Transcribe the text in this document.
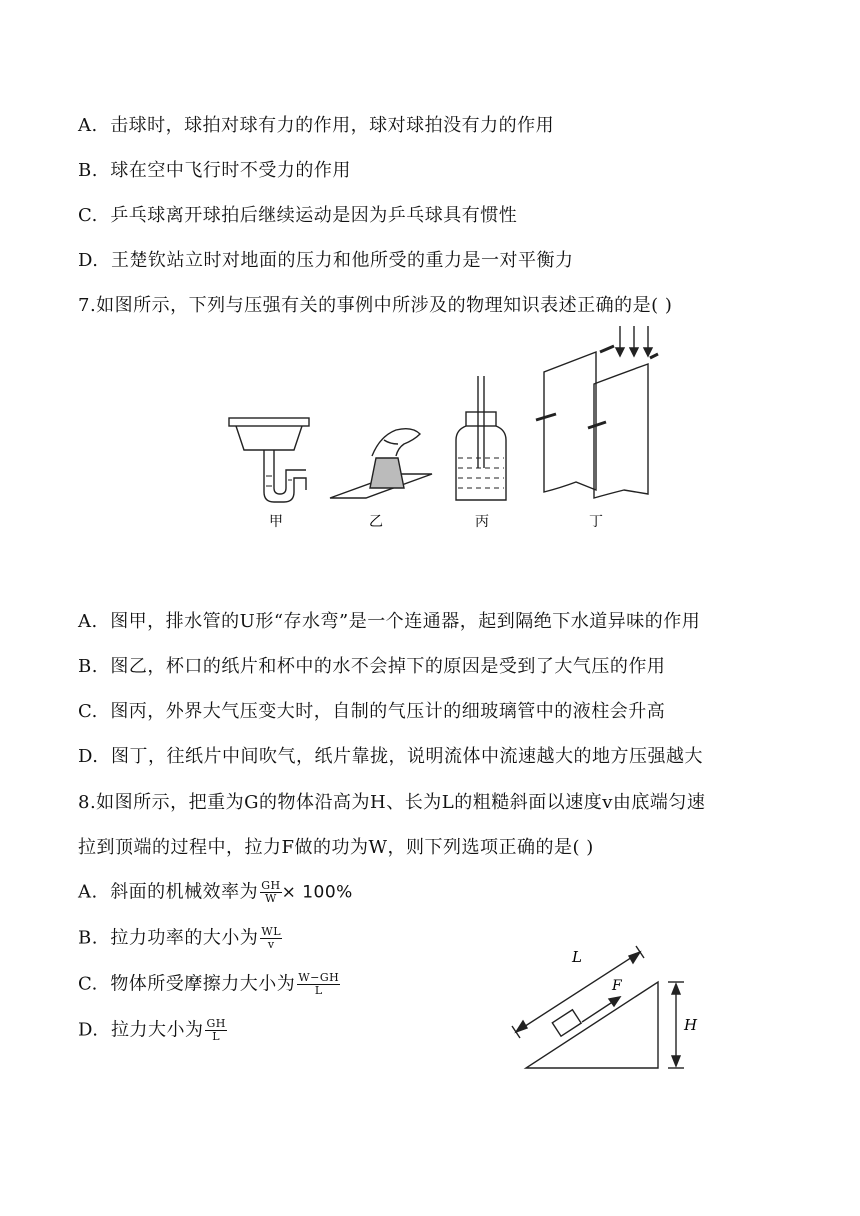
A. 击球时，球拍对球有力的作用，球对球拍没有力的作用
B. 球在空中飞行时不受力的作用
C. 乒乓球离开球拍后继续运动是因为乒乓球具有惯性
D. 王楚钦站立时对地面的压力和他所受的重力是一对平衡力
7.如图所示，下列与压强有关的事例中所涉及的物理知识表述正确的是( )
甲	乙	丙	丁
A. 图甲，排水管的U形“存水弯”是一个连通器，起到隔绝下水道异味的作用
B. 图乙，杯口的纸片和杯中的水不会掉下的原因是受到了大气压的作用
C. 图丙，外界大气压变大时，自制的气压计的细玻璃管中的液柱会升高
D. 图丁，往纸片中间吹气，纸片靠拢，说明流体中流速越大的地方压强越大
8.如图所示，把重为G的物体沿高为H、长为L的粗糙斜面以速度v由底端匀速
拉到顶端的过程中，拉力F做的功为W，则下列选项正确的是( )
A. 斜面的机械效率为 $\frac{GH}{W} \times 100\%$
B. 拉力功率的大小为 $\frac{WL}{v}$
C. 物体所受摩擦力大小为 $\frac{W-GH}{L}$
D. 拉力大小为 $\frac{GH}{L}$
L
F
H
